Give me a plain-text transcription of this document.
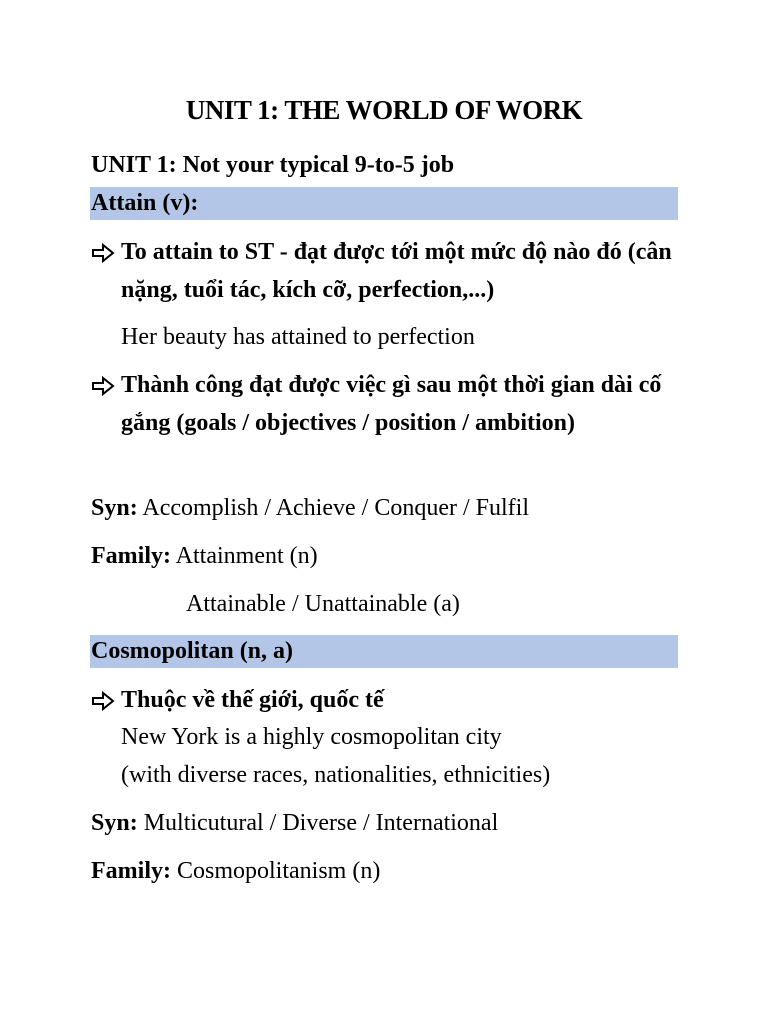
UNIT 1: THE WORLD OF WORK
UNIT 1: Not your typical 9-to-5 job
Attain (v):
To attain to ST - đạt được tới một mức độ nào đó (cân nặng, tuổi tác, kích cỡ, perfection,...)
Her beauty has attained to perfection
Thành công đạt được việc gì sau một thời gian dài cố gắng (goals / objectives / position / ambition)
Syn: Accomplish / Achieve / Conquer / Fulfil
Family: Attainment (n)
Attainable / Unattainable (a)
Cosmopolitan (n, a)
Thuộc về thế giới, quốc tế
New York is a highly cosmopolitan city
(with diverse races, nationalities, ethnicities)
Syn: Multicutural / Diverse / International
Family: Cosmopolitanism (n)
